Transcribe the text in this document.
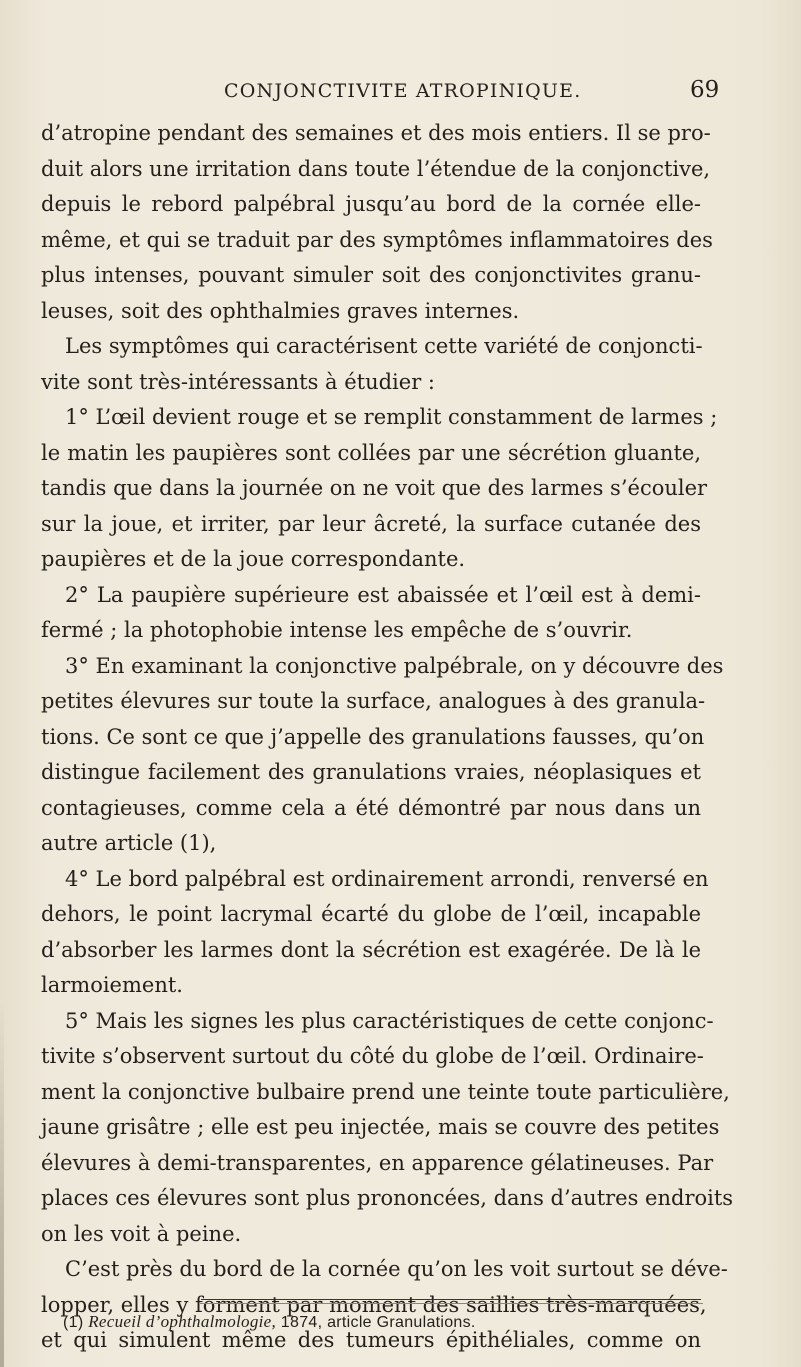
CONJONCTIVITE ATROPINIQUE.	69
d’atropine pendant des semaines et des mois entiers. Il se pro-
duit alors une irritation dans toute l’étendue de la conjonctive,
depuis le rebord palpébral jusqu’au bord de la cornée elle-
même, et qui se traduit par des symptômes inflammatoires des
plus intenses, pouvant simuler soit des conjonctivites granu-
leuses, soit des ophthalmies graves internes.
Les symptômes qui caractérisent cette variété de conjoncti-
vite sont très-intéressants à étudier :
1° L’œil devient rouge et se remplit constamment de larmes ;
le matin les paupières sont collées par une sécrétion gluante,
tandis que dans la journée on ne voit que des larmes s’écouler
sur la joue, et irriter, par leur âcreté, la surface cutanée des
paupières et de la joue correspondante.
2° La paupière supérieure est abaissée et l’œil est à demi-
fermé ; la photophobie intense les empêche de s’ouvrir.
3° En examinant la conjonctive palpébrale, on y découvre des
petites élevures sur toute la surface, analogues à des granula-
tions. Ce sont ce que j’appelle des granulations fausses, qu’on
distingue facilement des granulations vraies, néoplasiques et
contagieuses, comme cela a été démontré par nous dans un
autre article (1),
4° Le bord palpébral est ordinairement arrondi, renversé en
dehors, le point lacrymal écarté du globe de l’œil, incapable
d’absorber les larmes dont la sécrétion est exagérée. De là le
larmoiement.
5° Mais les signes les plus caractéristiques de cette conjonc-
tivite s’observent surtout du côté du globe de l’œil. Ordinaire-
ment la conjonctive bulbaire prend une teinte toute particulière,
jaune grisâtre ; elle est peu injectée, mais se couvre des petites
élevures à demi-transparentes, en apparence gélatineuses. Par
places ces élevures sont plus prononcées, dans d’autres endroits
on les voit à peine.
C’est près du bord de la cornée qu’on les voit surtout se déve-
lopper, elles y forment par moment des saillies très-marquées,
et qui simulent même des tumeurs épithéliales, comme on
(1) Recueil d’ophthalmologie, 1874, article Granulations.
